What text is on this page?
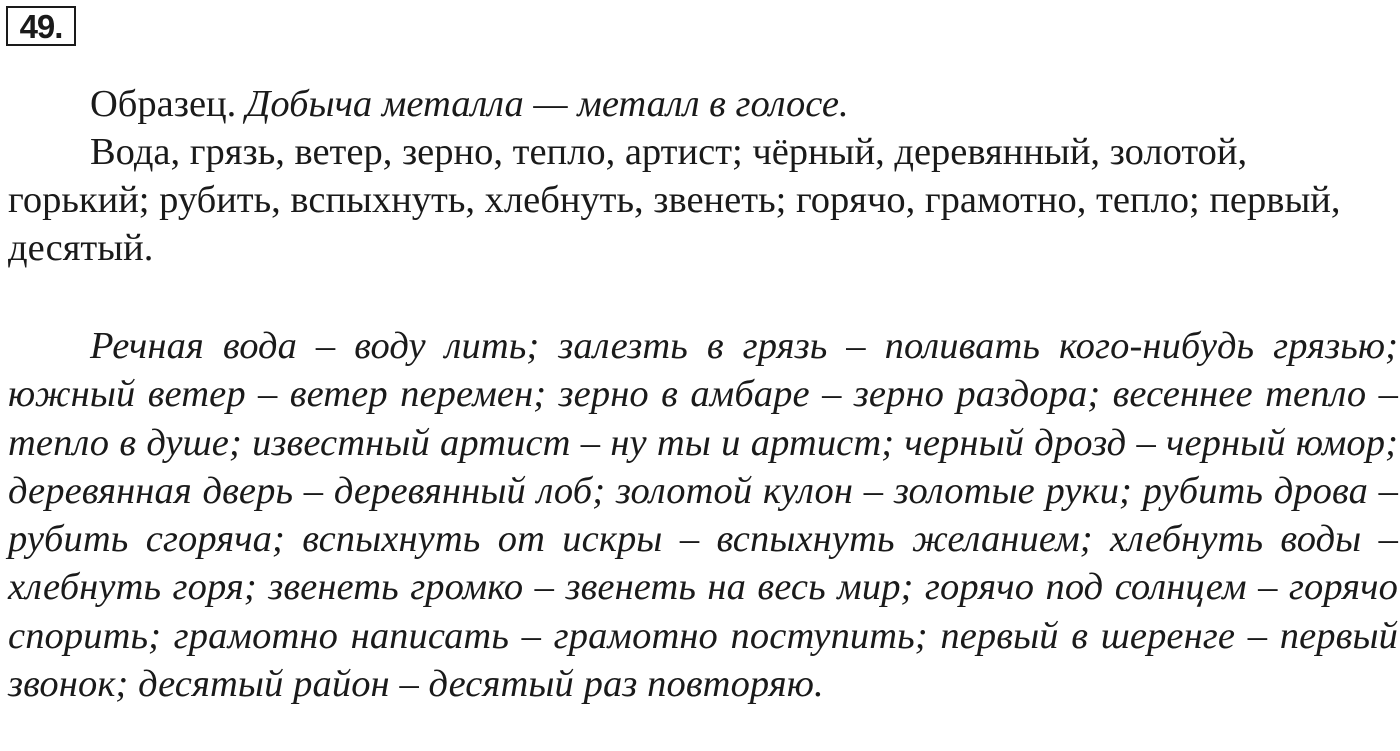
49.

Образец. Добыча металла — металл в голосе.

Вода, грязь, ветер, зерно, тепло, артист; чёрный, деревянный, золотой, горький; рубить, вспыхнуть, хлебнуть, звенеть; горячо, грамотно, тепло; первый, десятый.

Речная вода – воду лить; залезть в грязь – поливать кого-нибудь грязью; южный ветер – ветер перемен; зерно в амбаре – зерно раздора; весеннее тепло – тепло в душе; известный артист – ну ты и артист; черный дрозд – черный юмор; деревянная дверь – деревянный лоб; золотой кулон – золотые руки; рубить дрова – рубить сгоряча; вспыхнуть от искры – вспыхнуть желанием; хлебнуть воды – хлебнуть горя; звенеть громко – звенеть на весь мир; горячо под солнцем – горячо спорить; грамотно написать – грамотно поступить; первый в шеренге – первый звонок; десятый район – десятый раз повторяю.
